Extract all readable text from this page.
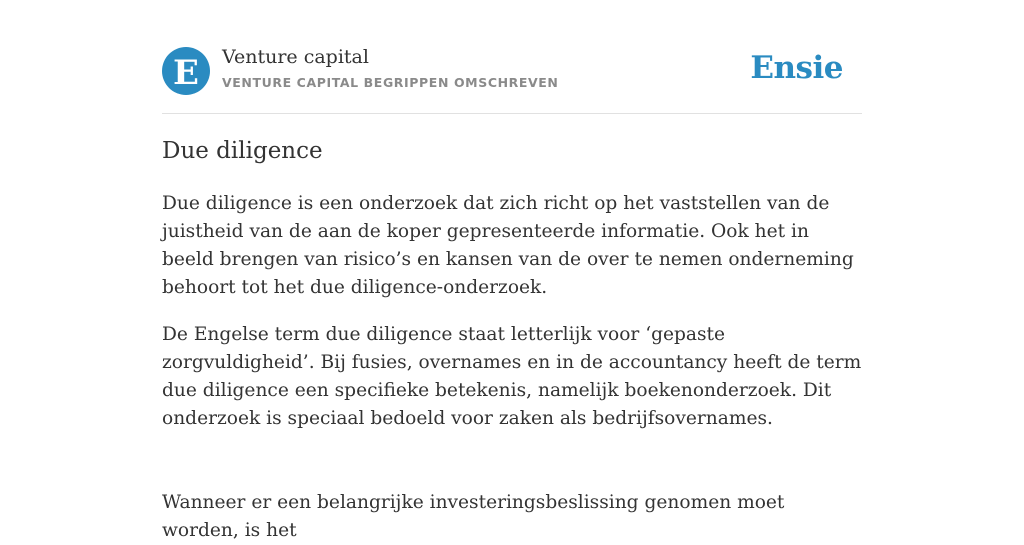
E Venture capital
VENTURE CAPITAL BEGRIPPEN OMSCHREVEN	Ensie
Due diligence

Due diligence is een onderzoek dat zich richt op het vaststellen van de juistheid van de aan de koper gepresenteerde informatie. Ook het in beeld brengen van risico’s en kansen van de over te nemen onderneming behoort tot het due diligence-onderzoek.

De Engelse term due diligence staat letterlijk voor ‘gepaste zorgvuldigheid’. Bij fusies, overnames en in de accountancy heeft de term due diligence een specifieke betekenis, namelijk boekenonderzoek. Dit onderzoek is speciaal bedoeld voor zaken als bedrijfsovernames.

Wanneer er een belangrijke investeringsbeslissing genomen moet worden, is het
